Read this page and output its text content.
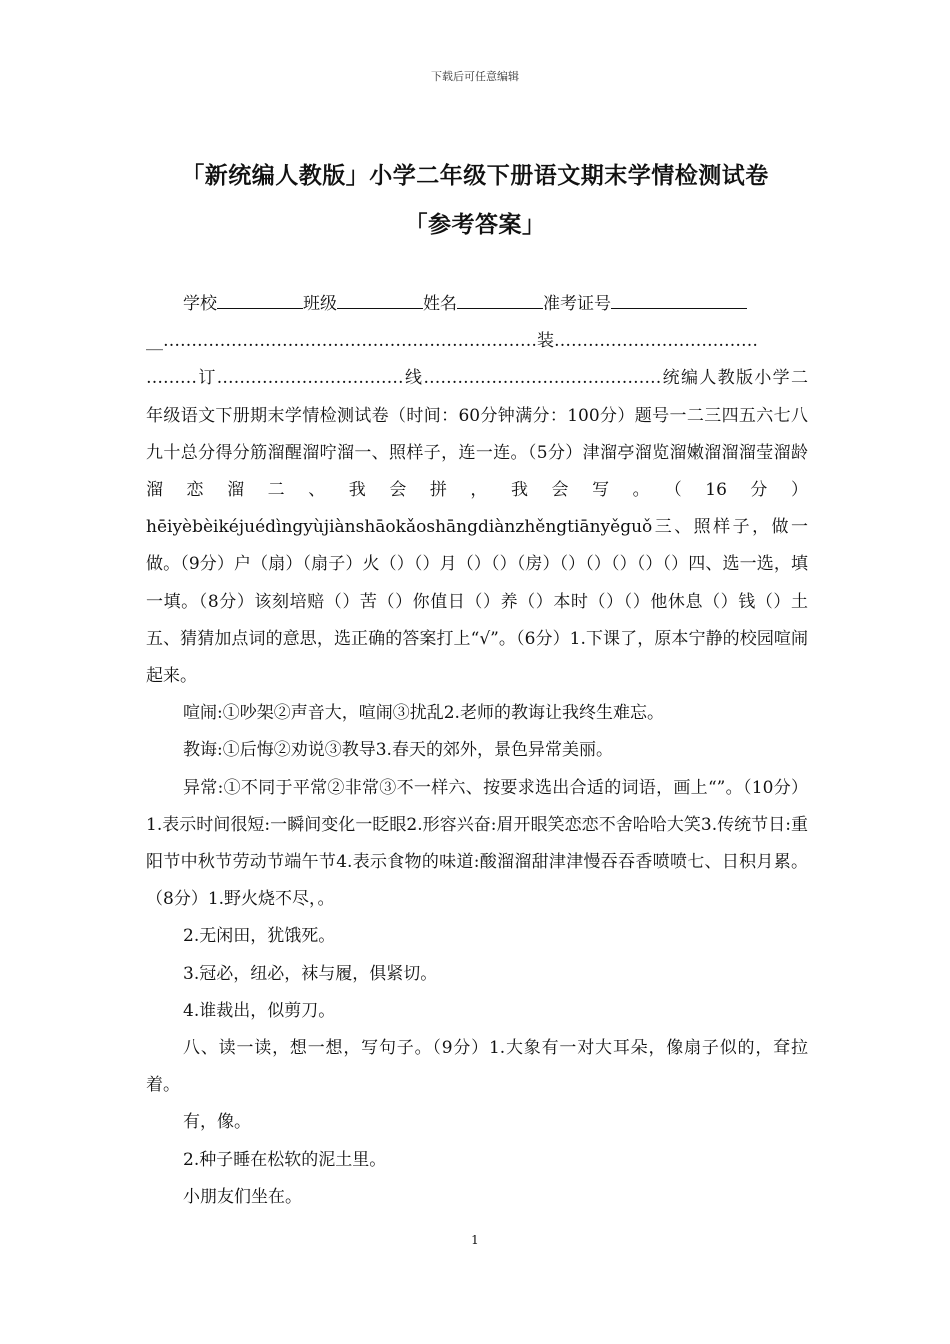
下载后可任意编辑
「新统编人教版」小学二年级下册语文期末学情检测试卷
「参考答案」

学校	班级	姓名	准考证号

__…………………………………………………………装………………………………

………订……………………………线……………………………………统编人教版小学二年级语文下册期末学情检测试卷（时间：60分钟满分：100分）题号一二三四五六七八九十总分得分筋溜醒溜咛溜一、照样子，连一连。（5分）津溜亭溜览溜嫩溜溜溜莹溜龄溜恋溜二、我会拼，我会写。（16分）hēiyèbèikéjuédìngyùjiànshāokǎoshāngdiànzhěngtiānyěguǒ三、照样子，做一做。（9分）户（扇）（扇子）火（）（）月（）（）（房）（）（）（）（）（）四、选一选，填一填。（8分）该刻培赔（）苦（）你值日（）养（）本时（）（）他休息（）钱（）土五、猜猜加点词的意思，选正确的答案打上“√”。（6分）1.下课了，原本宁静的校园喧闹起来。

喧闹:①吵架②声音大，喧闹③扰乱2.老师的教诲让我终生难忘。

教诲:①后悔②劝说③教导3.春天的郊外，景色异常美丽。

异常:①不同于平常②非常③不一样六、按要求选出合适的词语，画上“”。（10分）1.表示时间很短:一瞬间变化一眨眼2.形容兴奋:眉开眼笑恋恋不舍哈哈大笑3.传统节日:重阳节中秋节劳动节端午节4.表示食物的味道:酸溜溜甜津津慢吞吞香喷喷七、日积月累。（8分）1.野火烧不尽，。

2.无闲田，犹饿死。

3.冠必，纽必，袜与履，俱紧切。

4.谁裁出，似剪刀。

八、读一读，想一想，写句子。（9分）1.大象有一对大耳朵，像扇子似的，耷拉着。

有，像。

2.种子睡在松软的泥土里。

小朋友们坐在。

1
